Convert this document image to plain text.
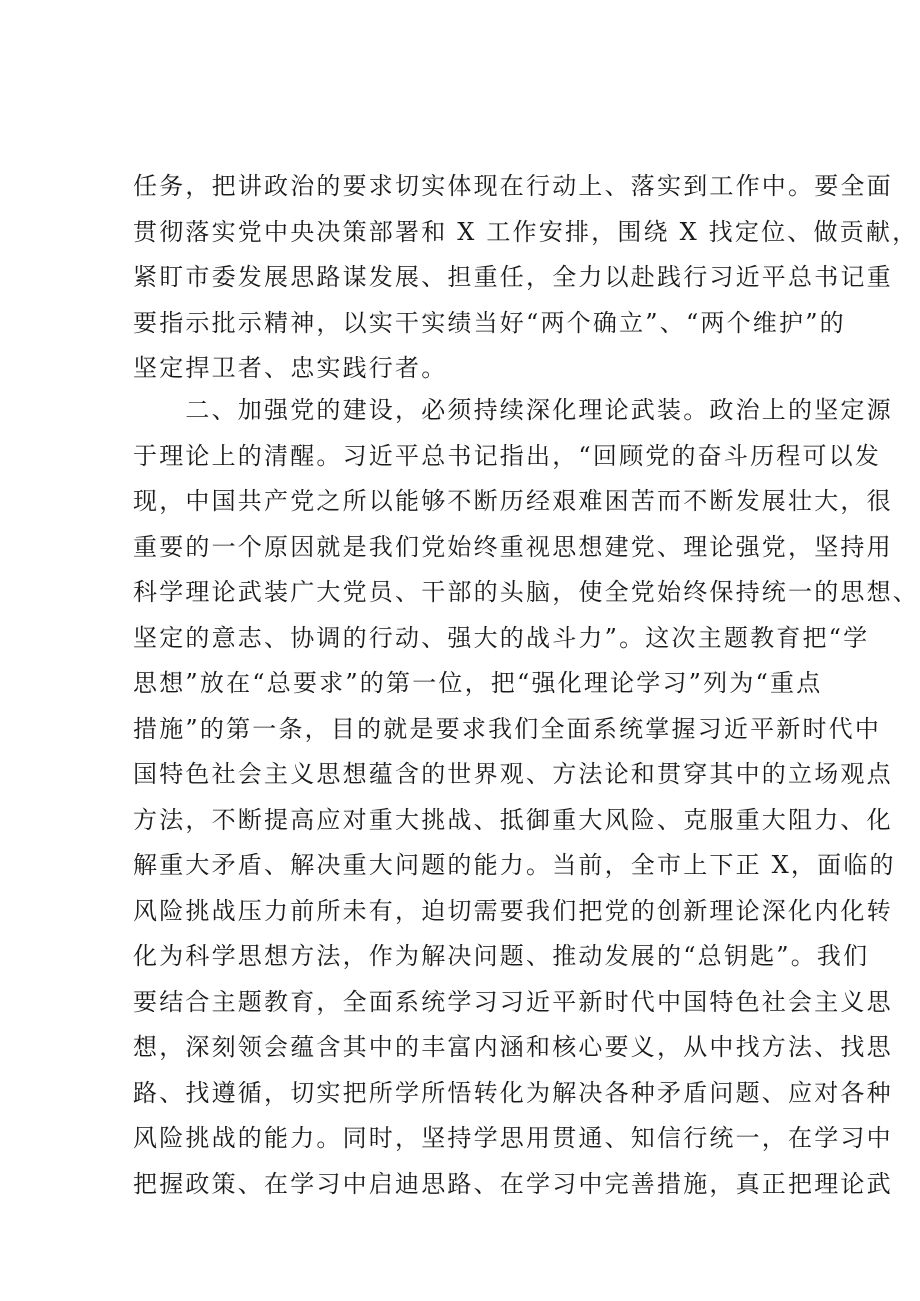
任务，把讲政治的要求切实体现在行动上、落实到工作中。要全面
贯彻落实党中央决策部署和 X 工作安排，围绕 X 找定位、做贡献，
紧盯市委发展思路谋发展、担重任，全力以赴践行习近平总书记重
要指示批示精神，以实干实绩当好“两个确立”、“两个维护”的
坚定捍卫者、忠实践行者。
　　二、加强党的建设，必须持续深化理论武装。政治上的坚定源
于理论上的清醒。习近平总书记指出，“回顾党的奋斗历程可以发
现，中国共产党之所以能够不断历经艰难困苦而不断发展壮大，很
重要的一个原因就是我们党始终重视思想建党、理论强党，坚持用
科学理论武装广大党员、干部的头脑，使全党始终保持统一的思想、
坚定的意志、协调的行动、强大的战斗力”。这次主题教育把“学
思想”放在“总要求”的第一位，把“强化理论学习”列为“重点
措施”的第一条，目的就是要求我们全面系统掌握习近平新时代中
国特色社会主义思想蕴含的世界观、方法论和贯穿其中的立场观点
方法，不断提高应对重大挑战、抵御重大风险、克服重大阻力、化
解重大矛盾、解决重大问题的能力。当前，全市上下正 X，面临的
风险挑战压力前所未有，迫切需要我们把党的创新理论深化内化转
化为科学思想方法，作为解决问题、推动发展的“总钥匙”。我们
要结合主题教育，全面系统学习习近平新时代中国特色社会主义思
想，深刻领会蕴含其中的丰富内涵和核心要义，从中找方法、找思
路、找遵循，切实把所学所悟转化为解决各种矛盾问题、应对各种
风险挑战的能力。同时，坚持学思用贯通、知信行统一，在学习中
把握政策、在学习中启迪思路、在学习中完善措施，真正把理论武
